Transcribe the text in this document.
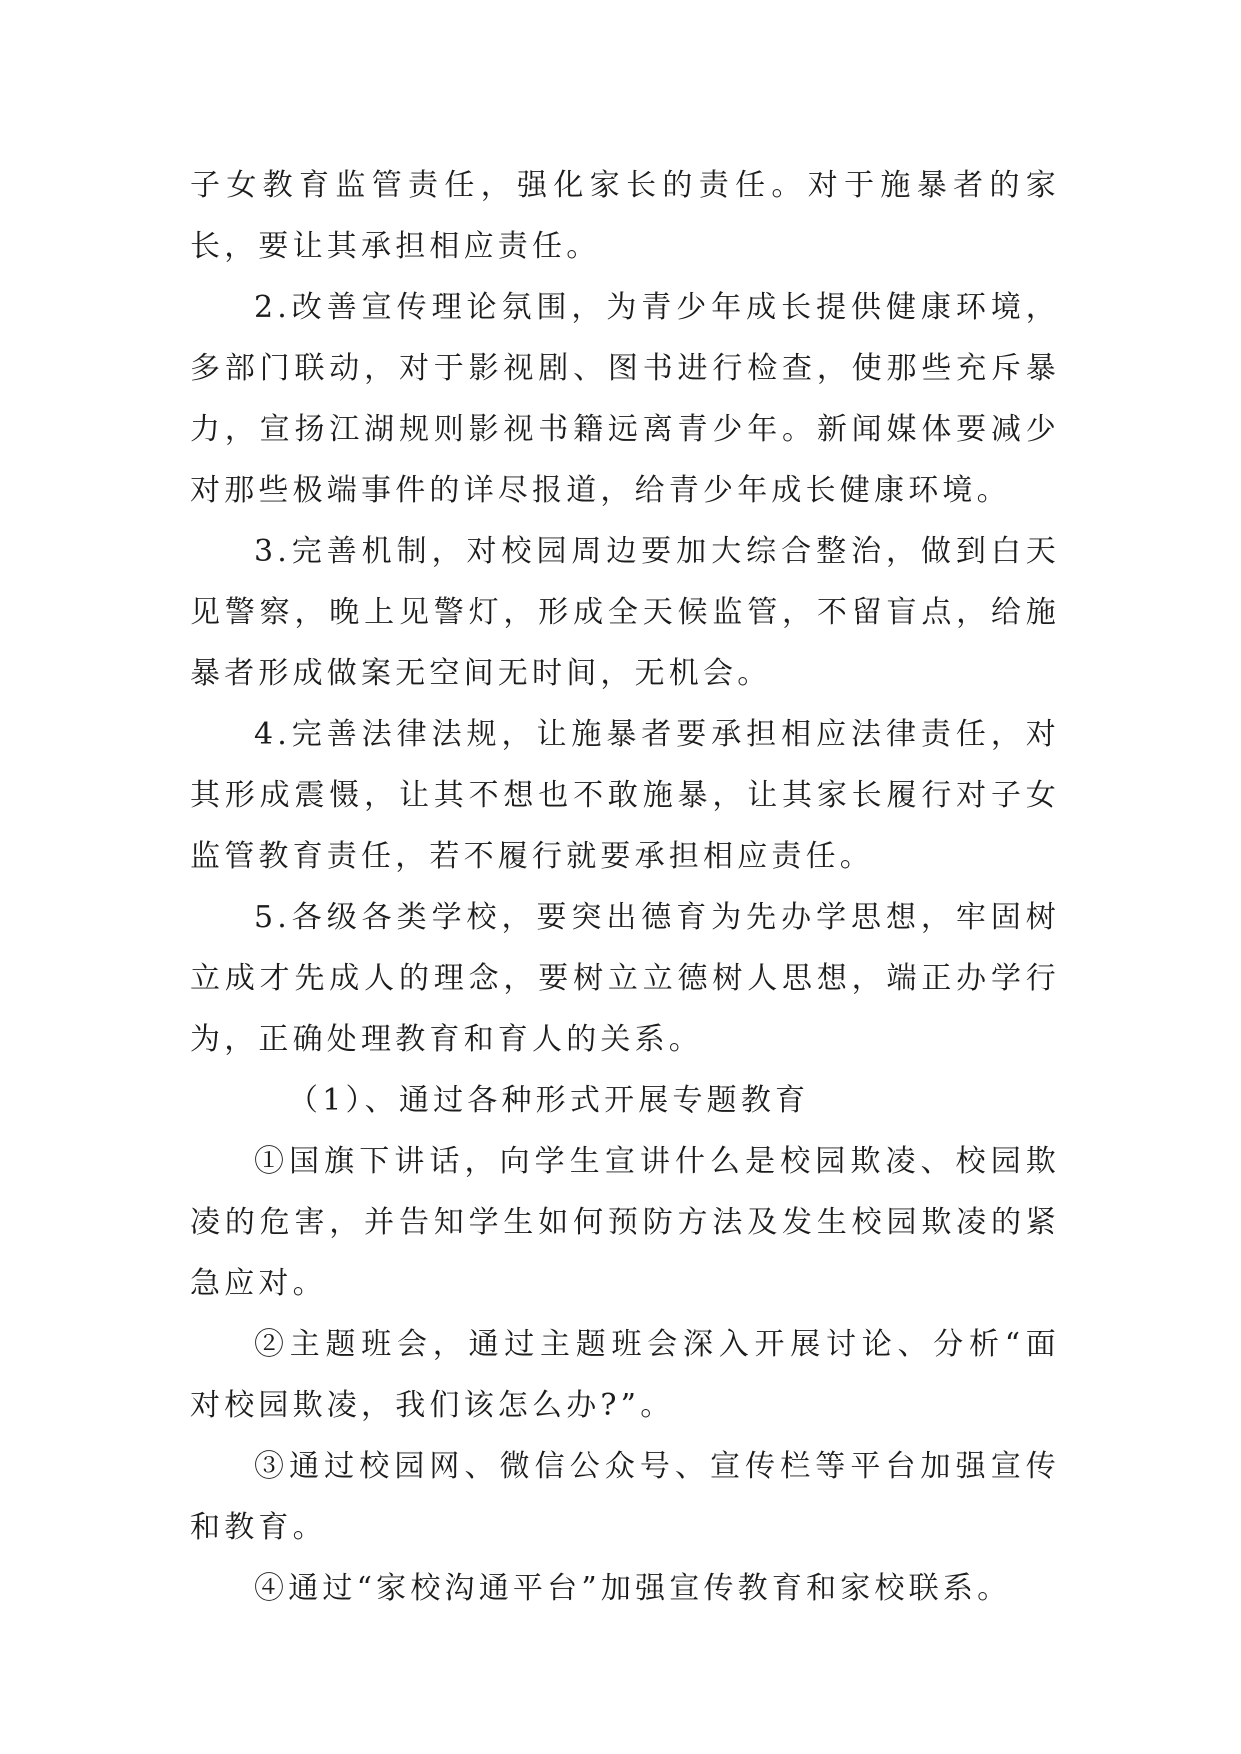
子女教育监管责任，强化家长的责任。对于施暴者的家长，要让其承担相应责任。

2.改善宣传理论氛围，为青少年成长提供健康环境，多部门联动，对于影视剧、图书进行检查，使那些充斥暴力，宣扬江湖规则影视书籍远离青少年。新闻媒体要减少对那些极端事件的详尽报道，给青少年成长健康环境。

3.完善机制，对校园周边要加大综合整治，做到白天见警察，晚上见警灯，形成全天候监管，不留盲点，给施暴者形成做案无空间无时间，无机会。

4.完善法律法规，让施暴者要承担相应法律责任，对其形成震慑，让其不想也不敢施暴，让其家长履行对子女监管教育责任，若不履行就要承担相应责任。

5.各级各类学校，要突出德育为先办学思想，牢固树立成才先成人的理念，要树立立德树人思想，端正办学行为，正确处理教育和育人的关系。

（1）、通过各种形式开展专题教育

①国旗下讲话，向学生宣讲什么是校园欺凌、校园欺凌的危害，并告知学生如何预防方法及发生校园欺凌的紧急应对。

②主题班会，通过主题班会深入开展讨论、分析“面对校园欺凌，我们该怎么办?”。

③通过校园网、微信公众号、宣传栏等平台加强宣传和教育。

④通过“家校沟通平台”加强宣传教育和家校联系。
